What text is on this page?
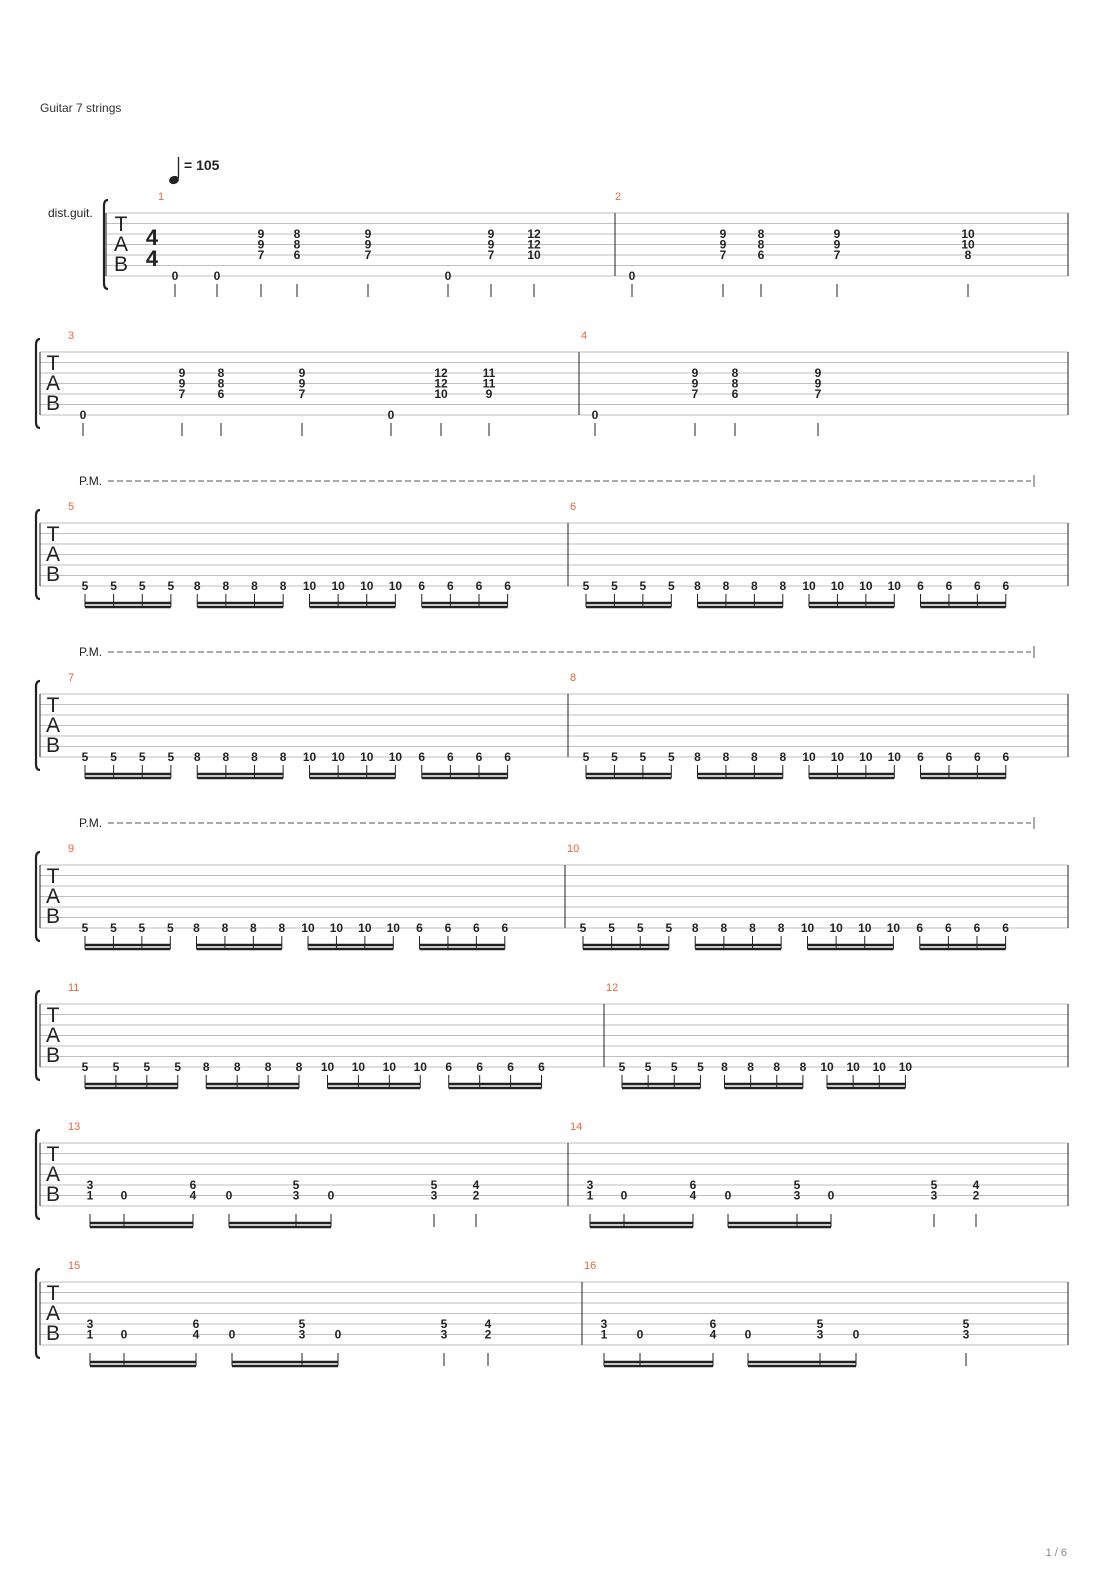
Guitar 7 strings
= 105
dist.guit. T
A
B
4
4
1	2
0	0
9
9
7
8
8
6
9
9
7
0
9
9
7
12
12
10
0
9
9
7
8
8
6
9
9
7
10
10
8
T
A
B
3	4
0
9
9
7
8
8
6
9
9
7
0
12
12
10
11
11
9
0
9
9
7
8
8
6
9
9
7
T
A
B
5	6
P.M.
5 5 5 5 8 8 8 8 10 10 10 10 6 6 6 6	5 5 5 5 8 8 8 8 10 10 10 10 6 6 6 6
T
A
B
7	8
P.M.
5 5 5 5 8 8 8 8 10 10 10 10 6 6 6 6	5 5 5 5 8 8 8 8 10 10 10 10 6 6 6 6
T
A
B
9	10
P.M.
5 5 5 5 8 8 8 8 10 10 10 10 6 6 6 6	5 5 5 5 8 8 8 8 10 10 10 10 6 6 6 6
T
A
B
11	12
5 5 5 5 8 8 8 8 10 10 10 10 6 6 6 6	5 5 5 5 8 8 8 8 10 10 10 10
T
A
B
13	14
3
1 0
6
4 0
5
3 0
5
3
4
2
3
1 0
6
4 0
5
3 0
5
3
4
2
T
A
B
15	16
3
1 0
6
4 0
5
3 0
5
3
4
2
3
1 0
6
4 0
5
3 0
5
3
1 / 6
